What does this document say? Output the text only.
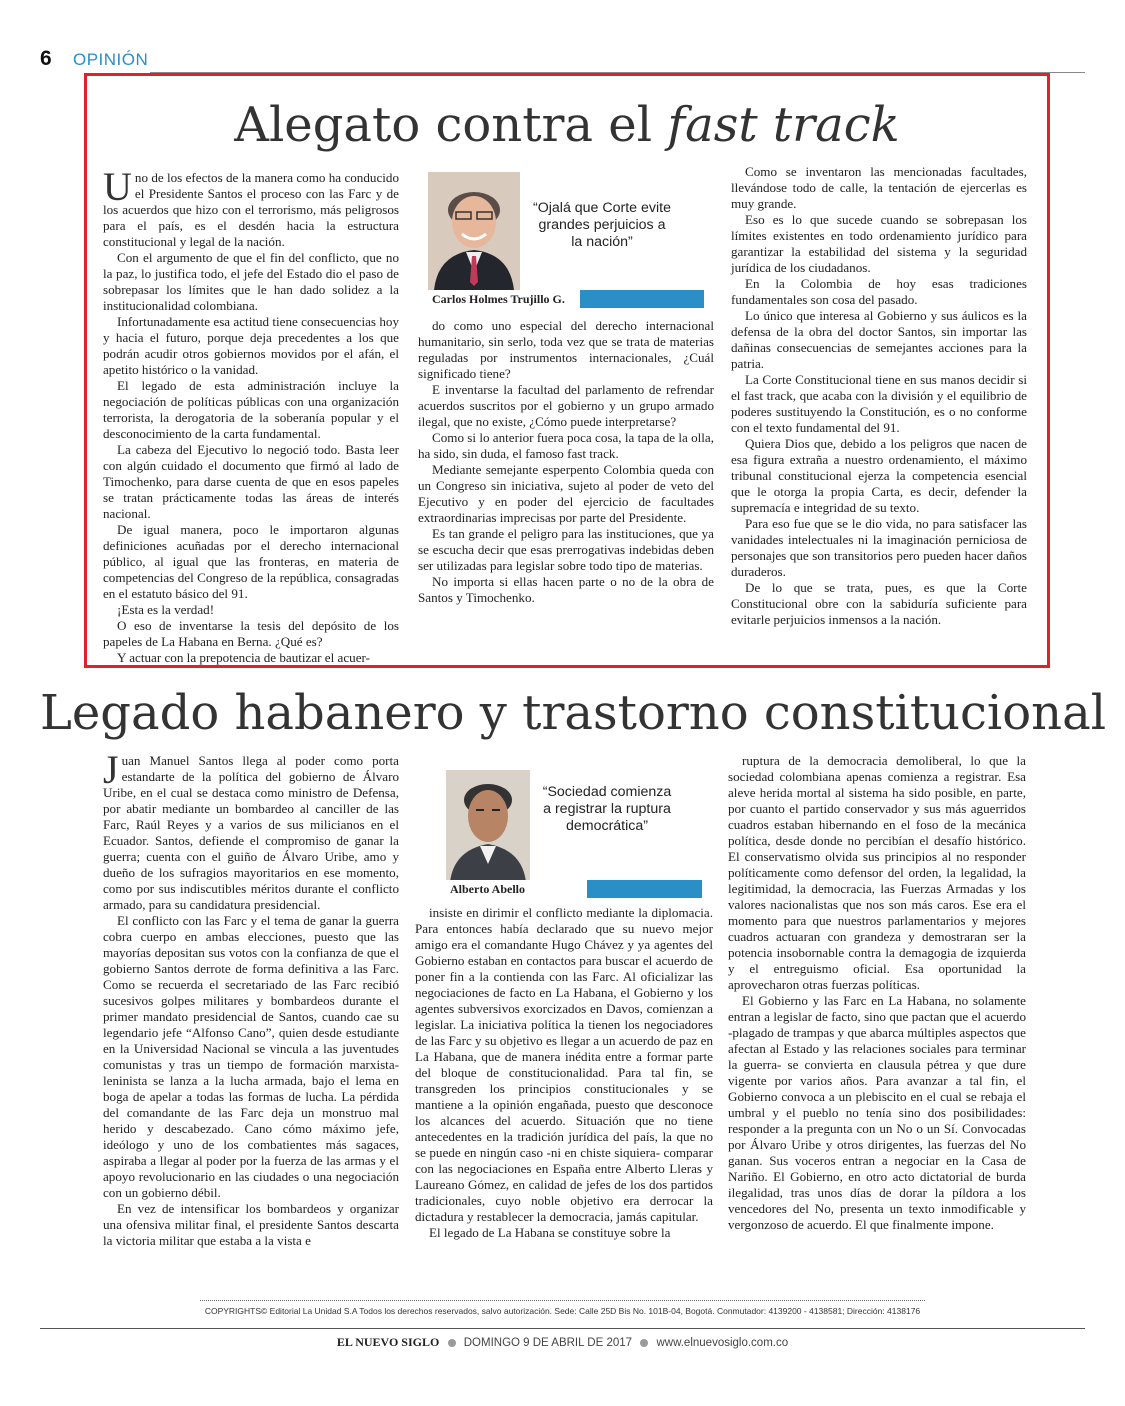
6 OPINIÓN
Alegato contra el fast track

Uno de los efectos de la manera como ha conducido el Presidente Santos el proceso con las Farc y de los acuerdos que hizo con el terrorismo, más peligrosos para el país, es el desdén hacia la estructura constitucional y legal de la nación.

Con el argumento de que el fin del conflicto, que no la paz, lo justifica todo, el jefe del Estado dio el paso de sobrepasar los límites que le han dado solidez a la institucionalidad colombiana.

Infortunadamente esa actitud tiene consecuencias hoy y hacia el futuro, porque deja precedentes a los que podrán acudir otros gobiernos movidos por el afán, el apetito histórico o la vanidad.

El legado de esta administración incluye la negociación de políticas públicas con una organización terrorista, la derogatoria de la soberanía popular y el desconocimiento de la carta fundamental.

La cabeza del Ejecutivo lo negoció todo. Basta leer con algún cuidado el documento que firmó al lado de Timochenko, para darse cuenta de que en esos papeles se tratan prácticamente todas las áreas de interés nacional.

De igual manera, poco le importaron algunas definiciones acuñadas por el derecho internacional público, al igual que las fronteras, en materia de competencias del Congreso de la república, consagradas en el estatuto básico del 91.

¡Esta es la verdad!

O eso de inventarse la tesis del depósito de los papeles de La Habana en Berna. ¿Qué es?

Y actuar con la prepotencia de bautizar el acuer-

“Ojalá que Corte evite grandes perjuicios a la nación”
Carlos Holmes Trujillo G.

do como uno especial del derecho internacional humanitario, sin serlo, toda vez que se trata de materias reguladas por instrumentos internacionales, ¿Cuál significado tiene?

E inventarse la facultad del parlamento de refrendar acuerdos suscritos por el gobierno y un grupo armado ilegal, que no existe, ¿Cómo puede interpretarse?

Como si lo anterior fuera poca cosa, la tapa de la olla, ha sido, sin duda, el famoso fast track.

Mediante semejante esperpento Colombia queda con un Congreso sin iniciativa, sujeto al poder de veto del Ejecutivo y en poder del ejercicio de facultades extraordinarias imprecisas por parte del Presidente.

Es tan grande el peligro para las instituciones, que ya se escucha decir que esas prerrogativas indebidas deben ser utilizadas para legislar sobre todo tipo de materias.

No importa si ellas hacen parte o no de la obra de Santos y Timochenko.

Como se inventaron las mencionadas facultades, llevándose todo de calle, la tentación de ejercerlas es muy grande.

Eso es lo que sucede cuando se sobrepasan los límites existentes en todo ordenamiento jurídico para garantizar la estabilidad del sistema y la seguridad jurídica de los ciudadanos.

En la Colombia de hoy esas tradiciones fundamentales son cosa del pasado.

Lo único que interesa al Gobierno y sus áulicos es la defensa de la obra del doctor Santos, sin importar las dañinas consecuencias de semejantes acciones para la patria.

La Corte Constitucional tiene en sus manos decidir si el fast track, que acaba con la división y el equilibrio de poderes sustituyendo la Constitución, es o no conforme con el texto fundamental del 91.

Quiera Dios que, debido a los peligros que nacen de esa figura extraña a nuestro ordenamiento, el máximo tribunal constitucional ejerza la competencia esencial que le otorga la propia Carta, es decir, defender la supremacía e integridad de su texto.

Para eso fue que se le dio vida, no para satisfacer las vanidades intelectuales ni la imaginación perniciosa de personajes que son transitorios pero pueden hacer daños duraderos.

De lo que se trata, pues, es que la Corte Constitucional obre con la sabiduría suficiente para evitarle perjuicios inmensos a la nación.

Legado habanero y trastorno constitucional

Juan Manuel Santos llega al poder como porta estandarte de la política del gobierno de Álvaro Uribe, en el cual se destaca como ministro de Defensa, por abatir mediante un bombardeo al canciller de las Farc, Raúl Reyes y a varios de sus milicianos en el Ecuador. Santos, defiende el compromiso de ganar la guerra; cuenta con el guiño de Álvaro Uribe, amo y dueño de los sufragios mayoritarios en ese momento, como por sus indiscutibles méritos durante el conflicto armado, para su candidatura presidencial.

El conflicto con las Farc y el tema de ganar la guerra cobra cuerpo en ambas elecciones, puesto que las mayorías depositan sus votos con la confianza de que el gobierno Santos derrote de forma definitiva a las Farc. Como se recuerda el secretariado de las Farc recibió sucesivos golpes militares y bombardeos durante el primer mandato presidencial de Santos, cuando cae su legendario jefe “Alfonso Cano”, quien desde estudiante en la Universidad Nacional se vincula a las juventudes comunistas y tras un tiempo de formación marxista-leninista se lanza a la lucha armada, bajo el lema en boga de apelar a todas las formas de lucha. La pérdida del comandante de las Farc deja un monstruo mal herido y descabezado. Cano cómo máximo jefe, ideólogo y uno de los combatientes más sagaces, aspiraba a llegar al poder por la fuerza de las armas y el apoyo revolucionario en las ciudades o una negociación con un gobierno débil.

En vez de intensificar los bombardeos y organizar una ofensiva militar final, el presidente Santos descarta la victoria militar que estaba a la vista e

“Sociedad comienza a registrar la ruptura democrática”
Alberto Abello

insiste en dirimir el conflicto mediante la diplomacia. Para entonces había declarado que su nuevo mejor amigo era el comandante Hugo Chávez y ya agentes del Gobierno estaban en contactos para buscar el acuerdo de poner fin a la contienda con las Farc. Al oficializar las negociaciones de facto en La Habana, el Gobierno y los agentes subversivos exorcizados en Davos, comienzan a legislar. La iniciativa política la tienen los negociadores de las Farc y su objetivo es llegar a un acuerdo de paz en La Habana, que de manera inédita entre a formar parte del bloque de constitucionalidad. Para tal fin, se transgreden los principios constitucionales y se mantiene a la opinión engañada, puesto que desconoce los alcances del acuerdo. Situación que no tiene antecedentes en la tradición jurídica del país, la que no se puede en ningún caso -ni en chiste siquiera- comparar con las negociaciones en España entre Alberto Lleras y Laureano Gómez, en calidad de jefes de los dos partidos tradicionales, cuyo noble objetivo era derrocar la dictadura y restablecer la democracia, jamás capitular.

El legado de La Habana se constituye sobre la

ruptura de la democracia demoliberal, lo que la sociedad colombiana apenas comienza a registrar. Esa aleve herida mortal al sistema ha sido posible, en parte, por cuanto el partido conservador y sus más aguerridos cuadros estaban hibernando en el foso de la mecánica política, desde donde no percibían el desafío histórico. El conservatismo olvida sus principios al no responder políticamente como defensor del orden, la legalidad, la legitimidad, la democracia, las Fuerzas Armadas y los valores nacionalistas que nos son más caros. Ese era el momento para que nuestros parlamentarios y mejores cuadros actuaran con grandeza y demostraran ser la potencia insobornable contra la demagogia de izquierda y el entreguismo oficial. Esa oportunidad la aprovecharon otras fuerzas políticas.

El Gobierno y las Farc en La Habana, no solamente entran a legislar de facto, sino que pactan que el acuerdo -plagado de trampas y que abarca múltiples aspectos que afectan al Estado y las relaciones sociales para terminar la guerra- se convierta en clausula pétrea y que dure vigente por varios años. Para avanzar a tal fin, el Gobierno convoca a un plebiscito en el cual se rebaja el umbral y el pueblo no tenía sino dos posibilidades: responder a la pregunta con un No o un Sí. Convocadas por Álvaro Uribe y otros dirigentes, las fuerzas del No ganan. Sus voceros entran a negociar en la Casa de Nariño. El Gobierno, en otro acto dictatorial de burda ilegalidad, tras unos días de dorar la píldora a los vencedores del No, presenta un texto inmodificable y vergonzoso de acuerdo. El que finalmente impone.

COPYRIGHTS© Editorial La Unidad S.A Todos los derechos reservados, salvo autorización. Sede: Calle 25D Bis No. 101B-04, Bogotá. Conmutador: 4139200 - 4138581; Dirección: 4138176
EL NUEVO SIGLO DOMINGO 9 DE ABRIL DE 2017 www.elnuevosiglo.com.co
